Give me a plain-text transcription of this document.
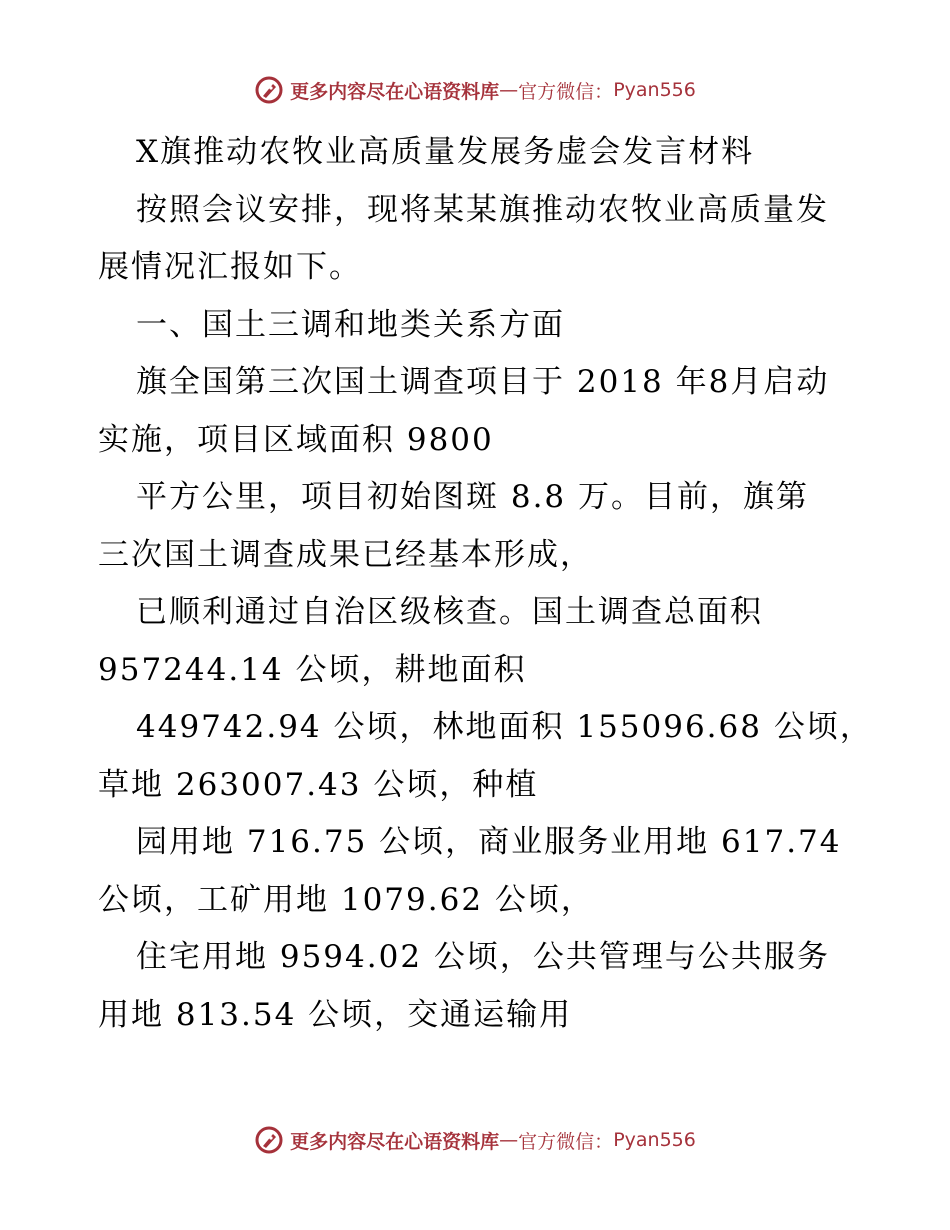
更多内容尽在心语资料库 — 官方微信： Pyan556
X旗推动农牧业高质量发展务虚会发言材料
按照会议安排，现将某某旗推动农牧业高质量发
展情况汇报如下。
一、国土三调和地类关系方面
旗全国第三次国土调查项目于 2018 年8月启动
实施，项目区域面积 9800
平方公里，项目初始图斑 8.8 万。目前，旗第
三次国土调查成果已经基本形成，
已顺利通过自治区级核查。国土调查总面积
957244.14 公顷，耕地面积
449742.94 公顷，林地面积 155096.68 公顷，
草地 263007.43 公顷，种植
园用地 716.75 公顷，商业服务业用地 617.74
公顷，工矿用地 1079.62 公顷，
住宅用地 9594.02 公顷，公共管理与公共服务
用地 813.54 公顷，交通运输用
更多内容尽在心语资料库 — 官方微信： Pyan556
